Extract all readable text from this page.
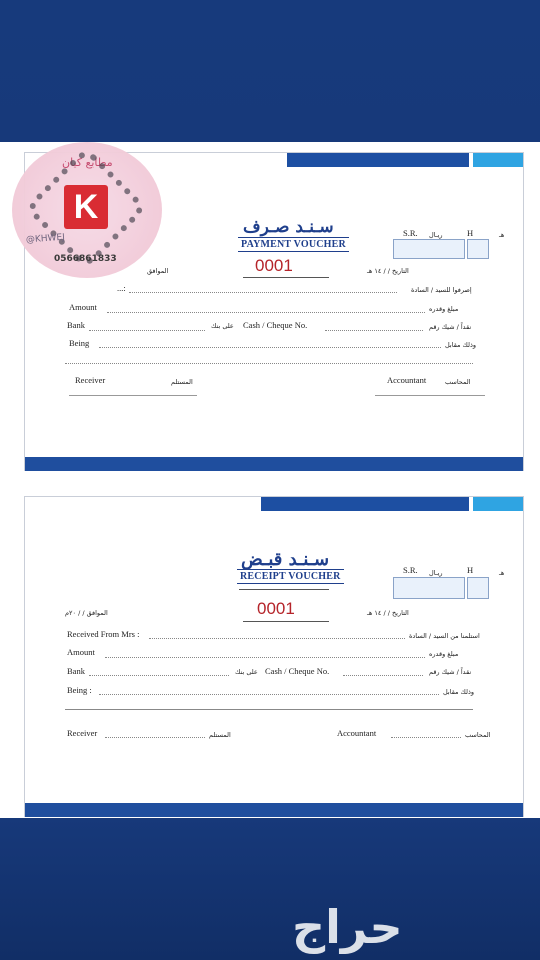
سـنـد صـرف
PAYMENT VOUCHER
0001
هـ
H
S.R. ريـال
التاريخ / / ١٤ هـ
الموافق
...:	إصرفوا للسيد / السادة
Amount	مبلغ وقدره
Bank	على بنك Cash / Cheque No.	نقداً / شيك رقم
Being	وذلك مقابل
Receiver	المستلم	Accountant	المحاسب
سـنـد قبـض
RECEIPT VOUCHER
0001
هـ
H
S.R. ريـال
التاريخ / / ١٤ هـ
الموافق / / ٢٠م
Received From Mrs :	استلمنا من السيد / السادة
Amount	مبلغ وقدره
Bank	على بنك Cash / Cheque No.	نقداً / شيك رقم
Being :	وذلك مقابل
Receiver	المستلم	Accountant	المحاسب
مطابع كيان
K
@KHWEJ
0566861833
حراج
